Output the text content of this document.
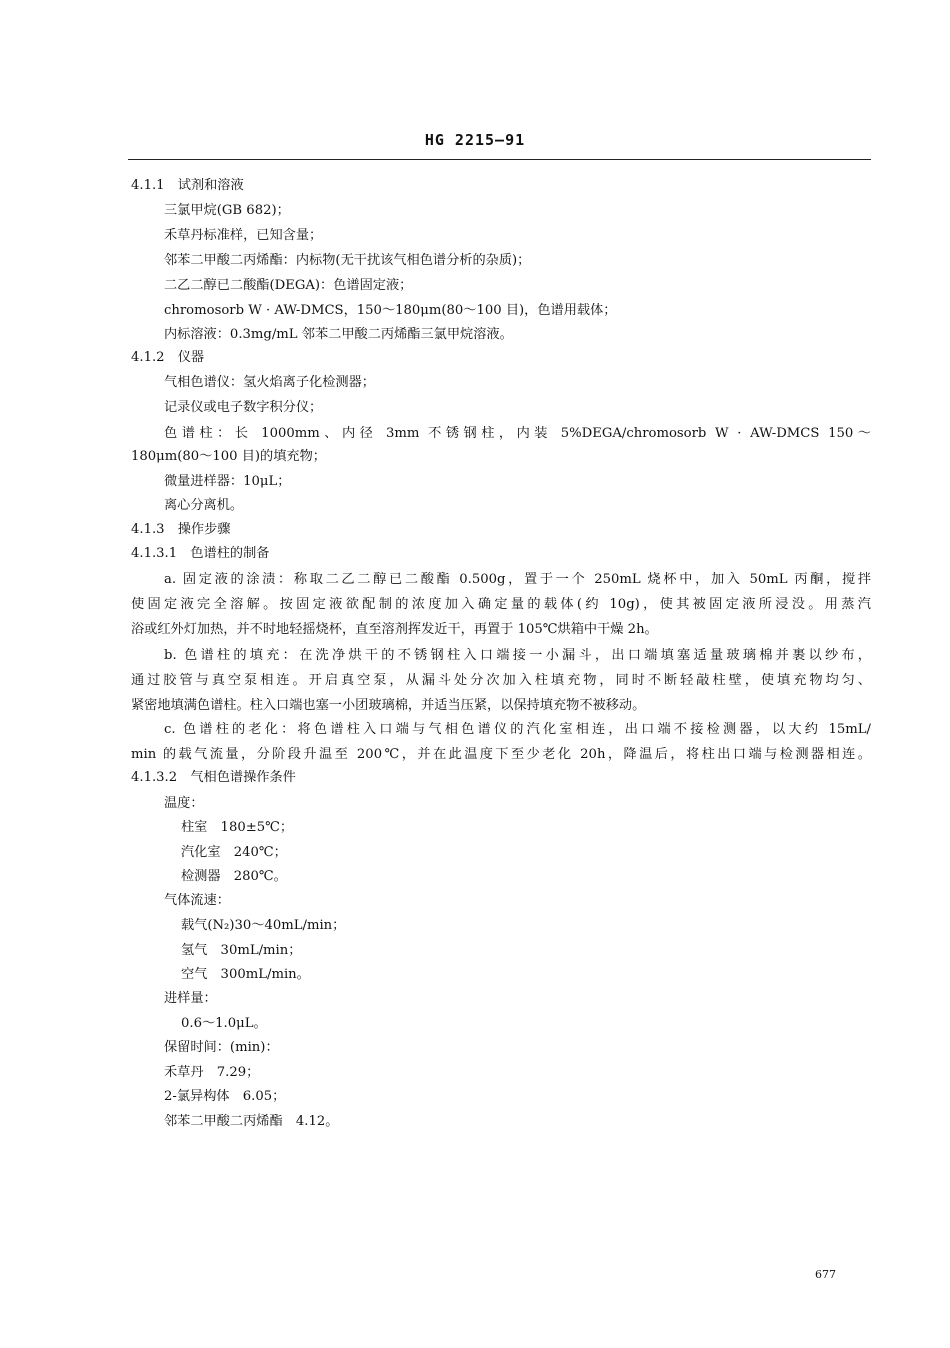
HG 2215—91
4.1.1　试剂和溶液
三氯甲烷(GB 682)；
禾草丹标准样，已知含量；
邻苯二甲酸二丙烯酯：内标物(无干扰该气相色谱分析的杂质)；
二乙二醇已二酸酯(DEGA)：色谱固定液；
chromosorb W · AW-DMCS，150～180μm(80～100 目)，色谱用载体；
内标溶液：0.3mg/mL 邻苯二甲酸二丙烯酯三氯甲烷溶液。
4.1.2　仪器
气相色谱仪：氢火焰离子化检测器；
记录仪或电子数字积分仪；
色谱柱：长 1000mm、内径 3mm 不锈钢柱，内装 5%DEGA/chromosorb W · AW-DMCS 150～
180μm(80～100 目)的填充物；
微量进样器：10μL；
离心分离机。
4.1.3　操作步骤
4.1.3.1　色谱柱的制备
a. 固定液的涂渍：称取二乙二醇已二酸酯 0.500g，置于一个 250mL 烧杯中，加入 50mL 丙酮，搅拌
使固定液完全溶解。按固定液欲配制的浓度加入确定量的载体(约 10g)，使其被固定液所浸没。用蒸汽
浴或红外灯加热，并不时地轻摇烧杯，直至溶剂挥发近干，再置于 105℃烘箱中干燥 2h。
b. 色谱柱的填充：在洗净烘干的不锈钢柱入口端接一小漏斗，出口端填塞适量玻璃棉并裹以纱布，
通过胶管与真空泵相连。开启真空泵，从漏斗处分次加入柱填充物，同时不断轻敲柱壁，使填充物均匀、
紧密地填满色谱柱。柱入口端也塞一小团玻璃棉，并适当压紧，以保持填充物不被移动。
c. 色谱柱的老化：将色谱柱入口端与气相色谱仪的汽化室相连，出口端不接检测器，以大约 15mL/
min 的载气流量，分阶段升温至 200℃，并在此温度下至少老化 20h，降温后，将柱出口端与检测器相连。
4.1.3.2　气相色谱操作条件
温度：
柱室　180±5℃；
汽化室　240℃；
检测器　280℃。
气体流速：
载气(N₂)30～40mL/min；
氢气　30mL/min；
空气　300mL/min。
进样量：
0.6～1.0μL。
保留时间：(min)：
禾草丹　7.29；
2-氯异构体　6.05；
邻苯二甲酸二丙烯酯　4.12。
677
